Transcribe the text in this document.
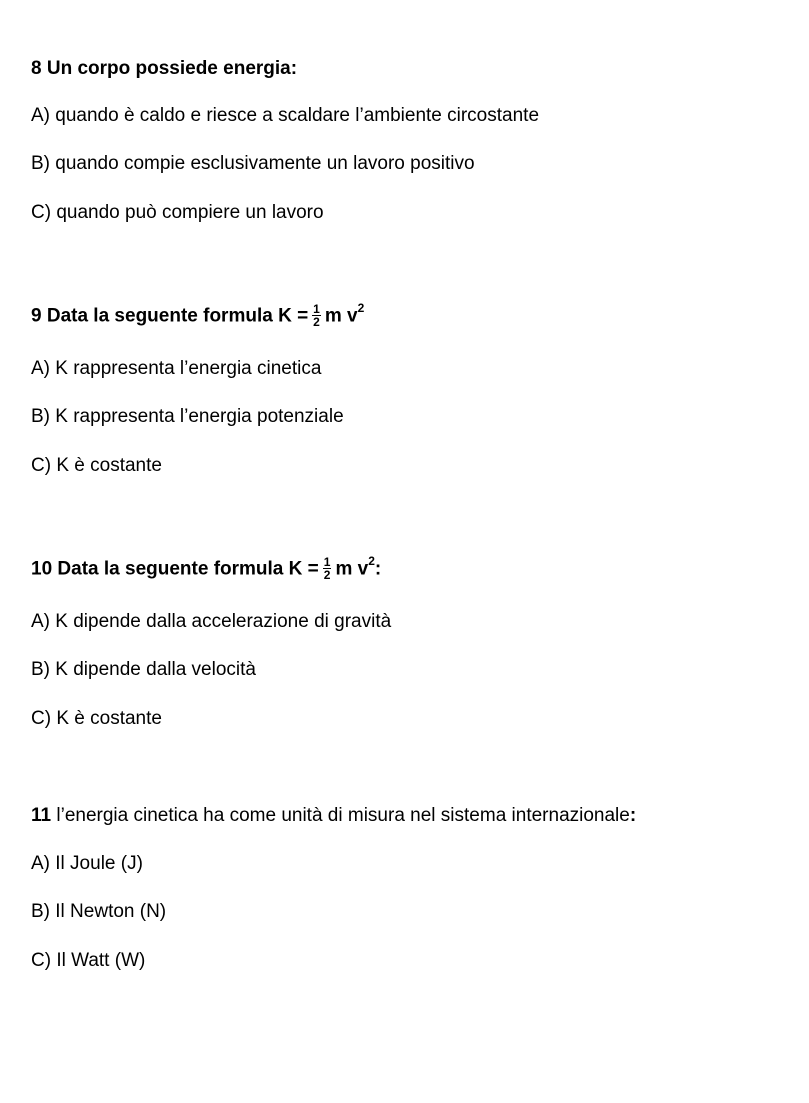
8 Un corpo possiede energia:
A) quando è caldo e riesce a scaldare l’ambiente circostante
B) quando compie esclusivamente un lavoro positivo
C) quando può compiere un lavoro
9 Data la seguente formula $K = \frac{1}{2}$ m $v^2$
A) K rappresenta l’energia cinetica
B) K rappresenta l’energia potenziale
C) K è costante
10 Data la seguente formula $K = \frac{1}{2}$ m $v^2$:
A) K dipende dalla accelerazione di gravità
B) K dipende dalla velocità
C) K è costante
11 l’energia cinetica ha come unità di misura nel sistema internazionale:
A) Il Joule (J)
B) Il Newton (N)
C) Il Watt (W)
